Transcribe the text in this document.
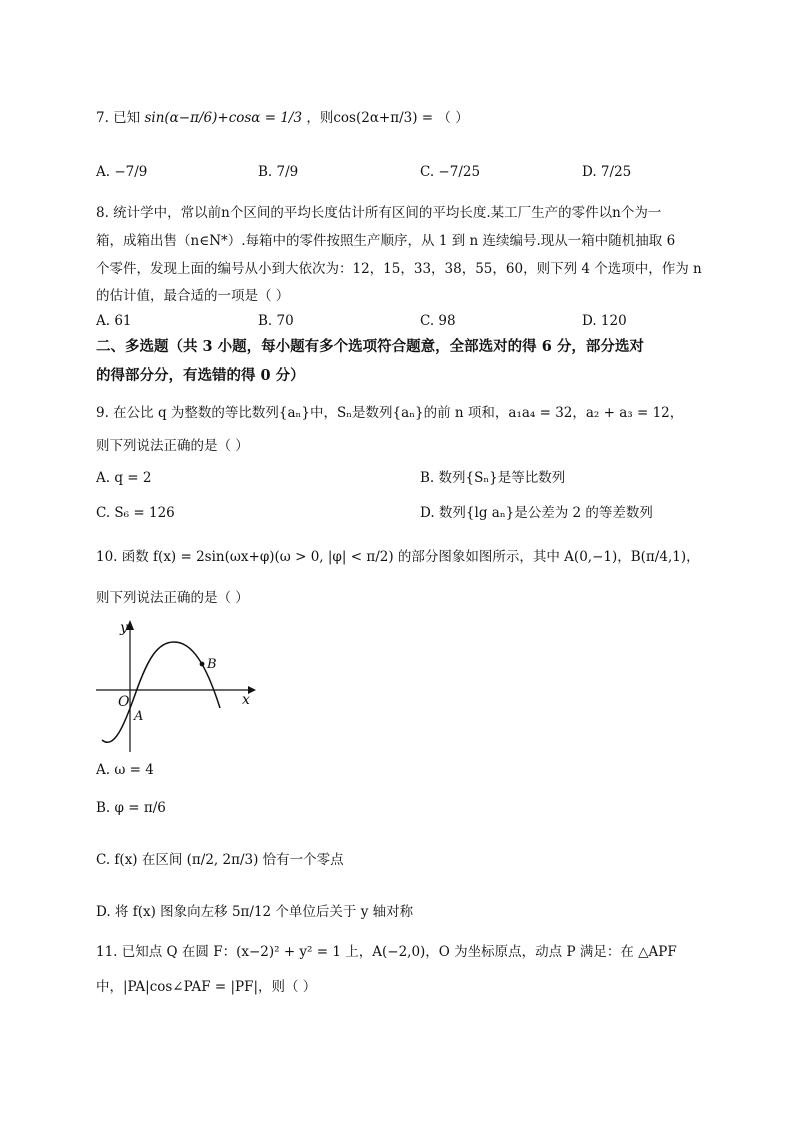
7. 已知 sin(α−π/6)+cosα = 1/3 ，则cos(2α+π/3) = （ ）
A. −7/9	B. 7/9	C. −7/25	D. 7/25
8. 统计学中，常以前n个区间的平均长度估计所有区间的平均长度.某工厂生产的零件以n个为一
箱，成箱出售（n∈N*）.每箱中的零件按照生产顺序，从 1 到 n 连续编号.现从一箱中随机抽取 6
个零件，发现上面的编号从小到大依次为：12，15，33，38，55，60，则下列 4 个选项中，作为 n
的估计值，最合适的一项是（ ）
A. 61	B. 70	C. 98	D. 120
二、多选题（共 3 小题，每小题有多个选项符合题意，全部选对的得 6 分，部分选对
的得部分分，有选错的得 0 分）
9. 在公比 q 为整数的等比数列{aₙ}中，Sₙ是数列{aₙ}的前 n 项和，a₁a₄ = 32，a₂ + a₃ = 12，
则下列说法正确的是（ ）
A. q = 2	B. 数列{Sₙ}是等比数列
C. S₆ = 126	D. 数列{lg aₙ}是公差为 2 的等差数列
10. 函数 f(x) = 2sin(ωx+φ)(ω > 0, |φ| < π/2) 的部分图象如图所示，其中 A(0,−1)，B(π/4,1)，
则下列说法正确的是（ ）
y
x
O
A
B
A. ω = 4
B. φ = π/6
C. f(x) 在区间 (π/2, 2π/3) 恰有一个零点
D. 将 f(x) 图象向左移 5π/12 个单位后关于 y 轴对称
11. 已知点 Q 在圆 F：(x−2)² + y² = 1 上，A(−2,0)，O 为坐标原点，动点 P 满足：在 △APF
中，|PA|cos∠PAF = |PF|，则（ ）
